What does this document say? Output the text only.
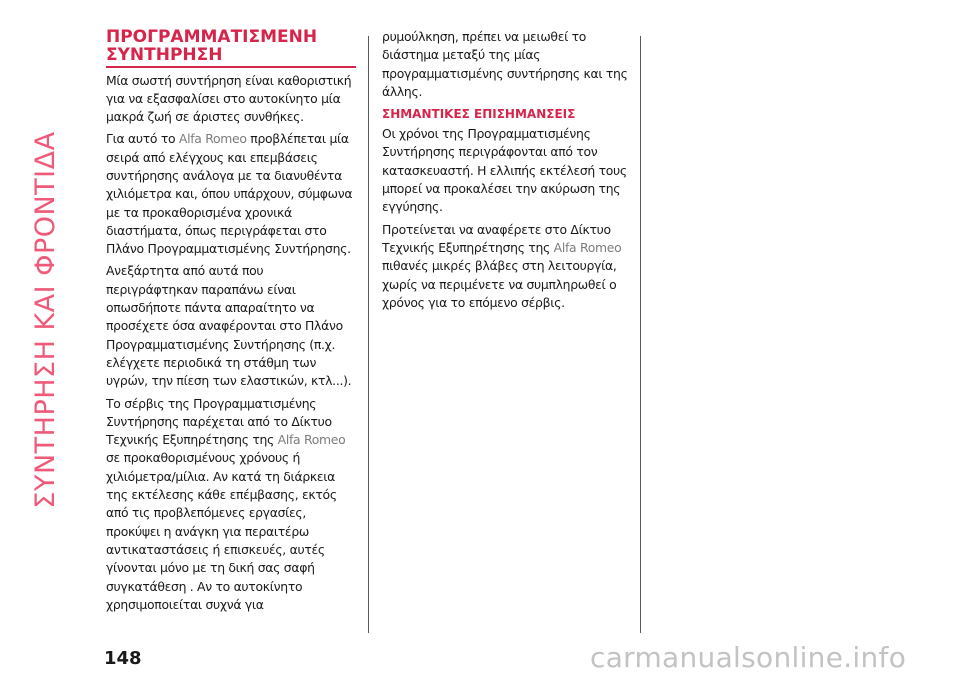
ΣΥΝΤΗΡΗΣΗ ΚΑΙ ΦΡΟΝΤΙΔΑ
ΠΡΟΓΡΑΜΜΑΤΙΣΜΕΝΗ ΣΥΝΤΗΡΗΣΗ

Μία σωστή συντήρηση είναι καθοριστική για να εξασφαλίσει στο αυτοκίνητο μία μακρά ζωή σε άριστες συνθήκες.

Για αυτό το Alfa Romeo προβλέπεται μία σειρά από ελέγχους και επεμβάσεις συντήρησης ανάλογα με τα διανυθέντα χιλιόμετρα και, όπου υπάρχουν, σύμφωνα με τα προκαθορισμένα χρονικά διαστήματα, όπως περιγράφεται στο Πλάνο Προγραμματισμένης Συντήρησης.

Ανεξάρτητα από αυτά που περιγράφτηκαν παραπάνω είναι οπωσδήποτε πάντα απαραίτητο να προσέχετε όσα αναφέρονται στο Πλάνο Προγραμματισμένης Συντήρησης (π.χ. ελέγχετε περιοδικά τη στάθμη των υγρών, την πίεση των ελαστικών, κτλ...).

Το σέρβις της Προγραμματισμένης Συντήρησης παρέχεται από το Δίκτυο Τεχνικής Εξυπηρέτησης της Alfa Romeo σε προκαθορισμένους χρόνους ή χιλιόμετρα/μίλια. Αν κατά τη διάρκεια της εκτέλεσης κάθε επέμβασης, εκτός από τις προβλεπόμενες εργασίες, προκύψει η ανάγκη για περαιτέρω αντικαταστάσεις ή επισκευές, αυτές γίνονται μόνο με τη δική σας σαφή συγκατάθεση . Αν το αυτοκίνητο χρησιμοποιείται συχνά για

ρυμούλκηση, πρέπει να μειωθεί το διάστημα μεταξύ της μίας προγραμματισμένης συντήρησης και της άλλης.

ΣΗΜΑΝΤΙΚΕΣ ΕΠΙΣΗΜΑΝΣΕΙΣ

Οι χρόνοι της Προγραμματισμένης Συντήρησης περιγράφονται από τον κατασκευαστή. Η ελλιπής εκτέλεσή τους μπορεί να προκαλέσει την ακύρωση της εγγύησης.

Προτείνεται να αναφέρετε στο Δίκτυο Τεχνικής Εξυπηρέτησης της Alfa Romeo πιθανές μικρές βλάβες στη λειτουργία, χωρίς να περιμένετε να συμπληρωθεί ο χρόνος για το επόμενο σέρβις.

148	carmanualsonline.info
